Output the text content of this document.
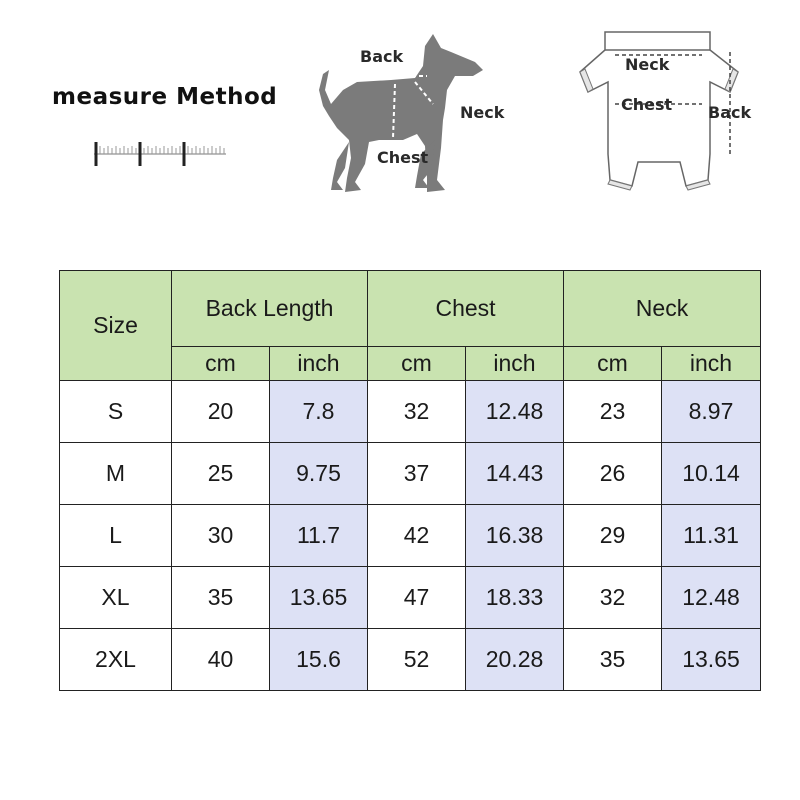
measure Method
Back
Neck
Chest
Neck
Chest Back
Size	Back Length		Chest		Neck	
	cm	inch	cm	inch	cm	inch
S	20	7.8	32	12.48	23	8.97
M	25	9.75	37	14.43	26	10.14
L	30	11.7	42	16.38	29	11.31
XL	35	13.65	47	18.33	32	12.48
2XL	40	15.6	52	20.28	35	13.65
